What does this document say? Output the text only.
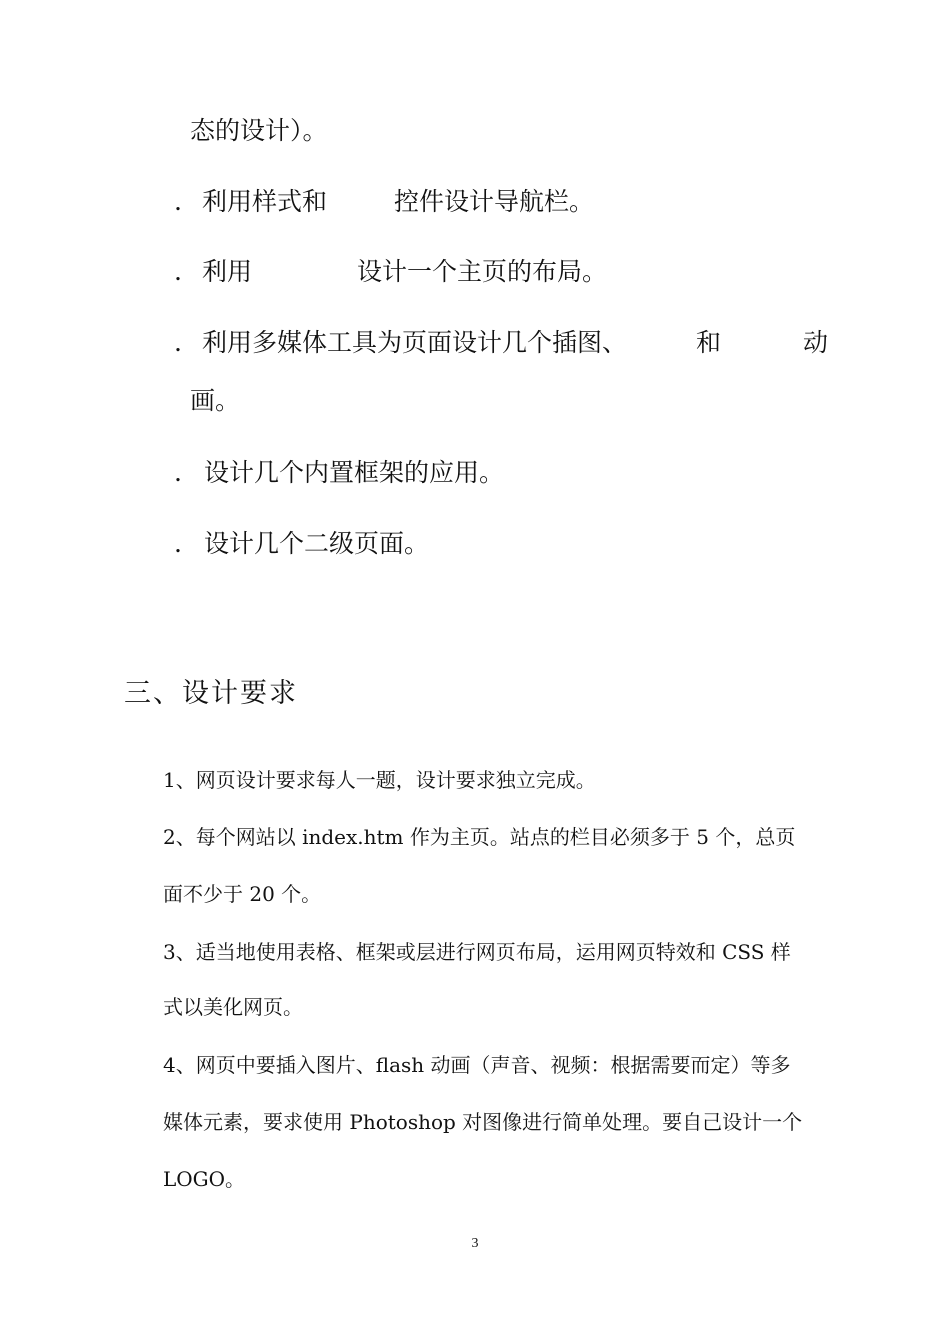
态的设计）。
. 利用样式和	控件设计导航栏。
. 利用	设计一个主页的布局。
. 利用多媒体工具为页面设计几个插图、	和	动
画。
. 设计几个内置框架的应用。
. 设计几个二级页面。
三、设计要求
1、网页设计要求每人一题，设计要求独立完成。
2、每个网站以 index.htm 作为主页。站点的栏目必须多于 5 个，总页
面不少于 20 个。
3、适当地使用表格、框架或层进行网页布局，运用网页特效和 CSS 样
式以美化网页。
4、网页中要插入图片、flash 动画（声音、视频：根据需要而定）等多
媒体元素，要求使用 Photoshop 对图像进行简单处理。要自己设计一个
LOGO。
3
